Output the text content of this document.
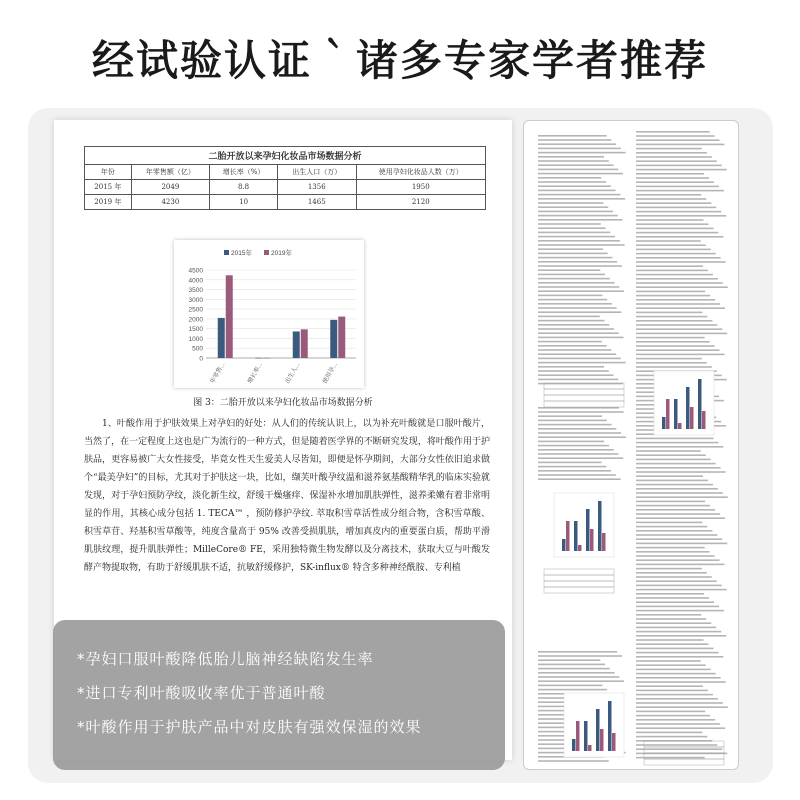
经试验认证｀诸多专家学者推荐
二胎开放以来孕妇化妆品市场数据分析				
年份	年零售额（亿）	增长率（%）	出生人口（万）	使用孕妇化妆品人数（万）
2015 年	2049	8.8	1356	1950
2019 年	4230	10	1465	2120
0
500
1000
1500
2000
2500
3000
3500
4000
4500
2015年	2019年
年零售...	增长率...	出生人...	使用孕...
图 3：二胎开放以来孕妇化妆品市场数据分析
1、叶酸作用于护肤效果上对孕妇的好处：从人们的传统认识上，以为补充叶酸就是口服叶酸片，当然了，在一定程度上这也是广为流行的一种方式，但是随着医学界的不断研究发现，将叶酸作用于护肤品，更容易被广大女性接受，毕竟女性天生爱美人尽皆知，即便是怀孕期间，大部分女性依旧追求做个“最美孕妇”的目标，尤其对于护肤这一块，比如，缬芙叶酸孕纹温和滋养氨基酸精华乳的临床实验就发现，对于孕妇预防孕纹，淡化新生纹，舒缓干燥瘙痒、保湿补水增加肌肤弹性，滋养柔嫩有着非常明显的作用，其核心成分包括 1. TECA™ ，预防修护孕纹. 萃取积雪草活性成分组合物，含积雪草酸、积雪草苷、羟基积雪草酸等，纯度含量高于 95% 改善受损肌肤，增加真皮内的重要蛋白质，帮助平滑肌肤纹理，提升肌肤弹性；MilleCore® FE，采用独特微生物发酵以及分离技术，获取大豆与叶酸发酵产物提取物，有助于舒缓肌肤不适，抗敏舒缓修护，SK-influx® 特含多种神经酰胺、专利植
*孕妇口服叶酸降低胎儿脑神经缺陷发生率
*进口专利叶酸吸收率优于普通叶酸
*叶酸作用于护肤产品中对皮肤有强效保湿的效果
